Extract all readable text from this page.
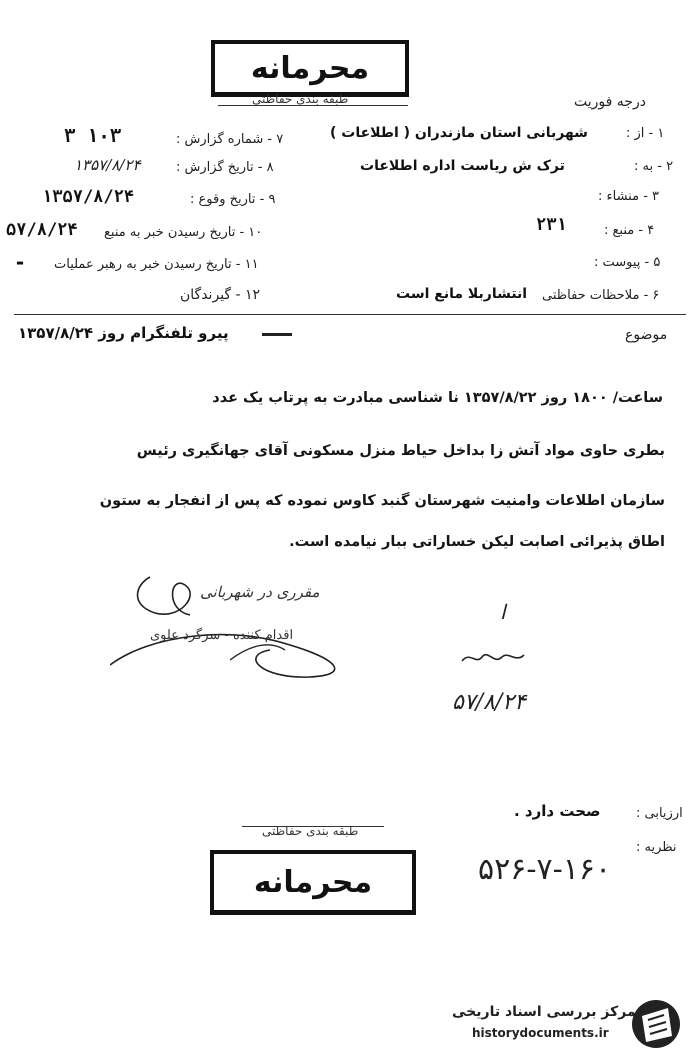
محرمانه
طبقه بندی حفاظتی	درجه فوریت
۷ - شماره گزارش :
۳ ۱۰۳
۸ - تاریخ گزارش :
۱۳۵۷/۸/۲۴
۹ - تاریخ وقوع :
۱۳۵۷/۸/۲۴
۱۰ - تاریخ رسیدن خبر به منبع
۵۷/۸/۲۴
۱۱ - تاریخ رسیدن خبر به رهبر عملیات
-
۱۲ - گیرندگان
۱ - از :
شهربانی استان مازندران ( اطلاعات )
۲ - به :
ترک ش ریاست اداره اطلاعات
۳ - منشاء :
۴ - منبع :
۲۳۱
۵ - پیوست :
۶ - ملاحظات حفاظتی
انتشاربلا مانع است
موضوع
پیرو تلفنگرام روز ۱۳۵۷/۸/۲۴
ساعت/ ۱۸۰۰ روز ۱۳۵۷/۸/۲۲ نا شناسی مبادرت به پرتاب یک عدد
بطری حاوی مواد آتش زا بداخل حیاط منزل مسکونی آقای جهانگیری رئیس
سازمان اطلاعات وامنیت شهرستان گنبد کاوس نموده که پس از انفجار به ستون
اطاق پذیرائی اصابت لیکن خساراتی ببار نیامده است.
مقرری در شهربانی
اقدام کننده - سرگرد علوی
ا
۵۷/۸/۲۴
ارزیابی :
صحت دارد .
نظریه :
طبقه بندی حفاظتی
محرمانه	۵۲۶-۷-۱۶۰
مرکز بررسی اسناد تاریخی
historydocuments.ir
